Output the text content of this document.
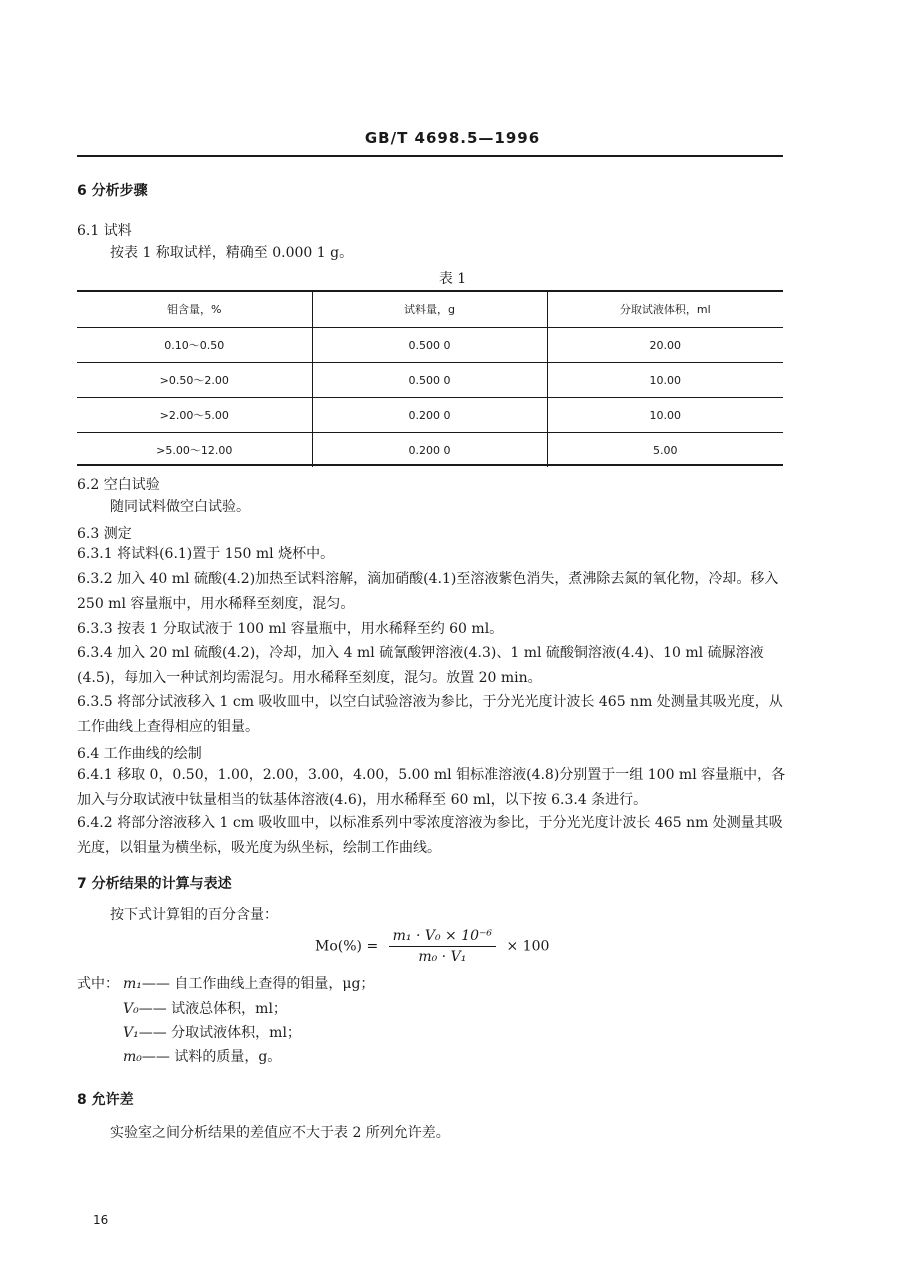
GB/T 4698.5—1996
6 分析步骤
6.1 试料
按表 1 称取试样，精确至 0.000 1 g。
表 1
钼含量，%	试料量，g	分取试液体积，ml
0.10～0.50	0.500 0	20.00
>0.50～2.00	0.500 0	10.00
>2.00～5.00	0.200 0	10.00
>5.00～12.00	0.200 0	5.00
6.2 空白试验
随同试料做空白试验。
6.3 测定
6.3.1 将试料(6.1)置于 150 ml 烧杯中。
6.3.2 加入 40 ml 硫酸(4.2)加热至试料溶解，滴加硝酸(4.1)至溶液紫色消失，煮沸除去氮的氧化物，冷却。移入 250 ml 容量瓶中，用水稀释至刻度，混匀。
6.3.3 按表 1 分取试液于 100 ml 容量瓶中，用水稀释至约 60 ml。
6.3.4 加入 20 ml 硫酸(4.2)，冷却，加入 4 ml 硫氰酸钾溶液(4.3)、1 ml 硫酸铜溶液(4.4)、10 ml 硫脲溶液(4.5)，每加入一种试剂均需混匀。用水稀释至刻度，混匀。放置 20 min。
6.3.5 将部分试液移入 1 cm 吸收皿中，以空白试验溶液为参比，于分光光度计波长 465 nm 处测量其吸光度，从工作曲线上查得相应的钼量。
6.4 工作曲线的绘制
6.4.1 移取 0，0.50，1.00，2.00，3.00，4.00，5.00 ml 钼标准溶液(4.8)分别置于一组 100 ml 容量瓶中，各加入与分取试液中钛量相当的钛基体溶液(4.6)，用水稀释至 60 ml，以下按 6.3.4 条进行。
6.4.2 将部分溶液移入 1 cm 吸收皿中，以标准系列中零浓度溶液为参比，于分光光度计波长 465 nm 处测量其吸光度，以钼量为横坐标，吸光度为纵坐标，绘制工作曲线。
7 分析结果的计算与表述
按下式计算钼的百分含量：
$Mo(\%) = \frac{\text{m₁ · V₀ × 10⁻⁶}}{\text{m₀ · V₁}} \times 100$
式中： m₁—— 自工作曲线上查得的钼量，μg；
V₀—— 试液总体积，ml；
V₁—— 分取试液体积，ml；
m₀—— 试料的质量，g。
8 允许差
实验室之间分析结果的差值应不大于表 2 所列允许差。
16
